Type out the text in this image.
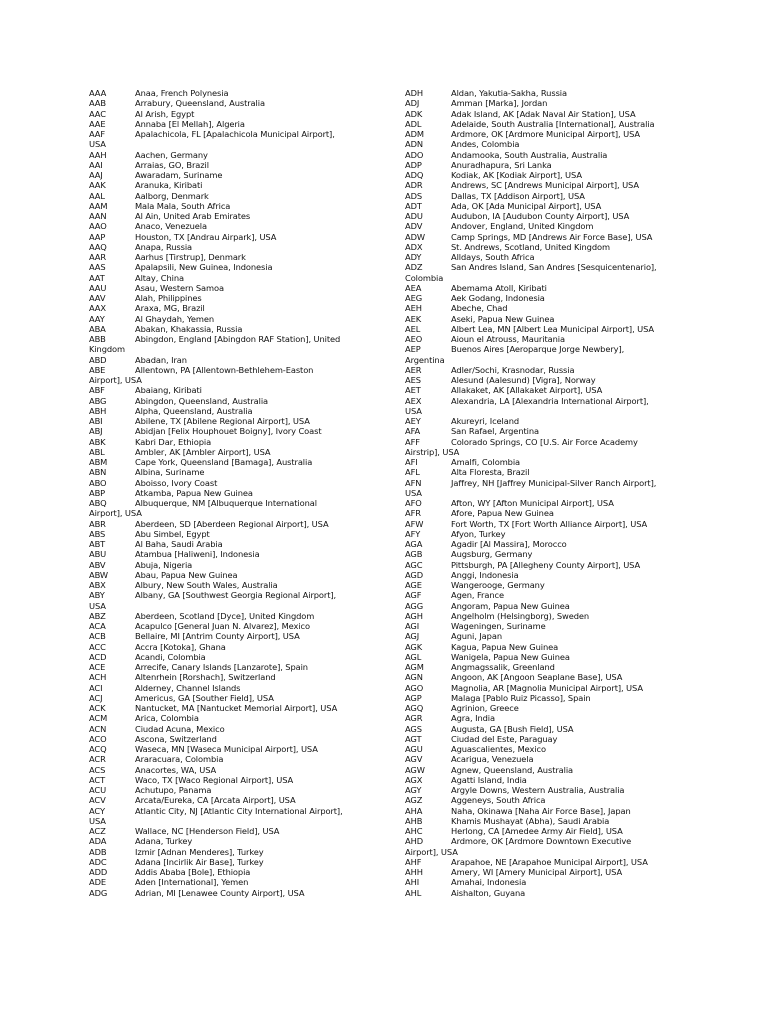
AAA	Anaa, French Polynesia
AAB	Arrabury, Queensland, Australia
AAC	Al Arish, Egypt
AAE	Annaba [El Mellah], Algeria
AAF	Apalachicola, FL [Apalachicola Municipal Airport],
USA
AAH	Aachen, Germany
AAI	Arraias, GO, Brazil
AAJ	Awaradam, Suriname
AAK	Aranuka, Kiribati
AAL	Aalborg, Denmark
AAM	Mala Mala, South Africa
AAN	Al Ain, United Arab Emirates
AAO	Anaco, Venezuela
AAP	Houston, TX [Andrau Airpark], USA
AAQ	Anapa, Russia
AAR	Aarhus [Tirstrup], Denmark
AAS	Apalapsili, New Guinea, Indonesia
AAT	Altay, China
AAU	Asau, Western Samoa
AAV	Alah, Philippines
AAX	Araxa, MG, Brazil
AAY	Al Ghaydah, Yemen
ABA	Abakan, Khakassia, Russia
ABB	Abingdon, England [Abingdon RAF Station], United
Kingdom
ABD	Abadan, Iran
ABE	Allentown, PA [Allentown-Bethlehem-Easton
Airport], USA
ABF	Abaiang, Kiribati
ABG	Abingdon, Queensland, Australia
ABH	Alpha, Queensland, Australia
ABI	Abilene, TX [Abilene Regional Airport], USA
ABJ	Abidjan [Felix Houphouet Boigny], Ivory Coast
ABK	Kabri Dar, Ethiopia
ABL	Ambler, AK [Ambler Airport], USA
ABM	Cape York, Queensland [Bamaga], Australia
ABN	Albina, Suriname
ABO	Aboisso, Ivory Coast
ABP	Atkamba, Papua New Guinea
ABQ	Albuquerque, NM [Albuquerque International
Airport], USA
ABR	Aberdeen, SD [Aberdeen Regional Airport], USA
ABS	Abu Simbel, Egypt
ABT	Al Baha, Saudi Arabia
ABU	Atambua [Haliweni], Indonesia
ABV	Abuja, Nigeria
ABW	Abau, Papua New Guinea
ABX	Albury, New South Wales, Australia
ABY	Albany, GA [Southwest Georgia Regional Airport],
USA
ABZ	Aberdeen, Scotland [Dyce], United Kingdom
ACA	Acapulco [General Juan N. Alvarez], Mexico
ACB	Bellaire, MI [Antrim County Airport], USA
ACC	Accra [Kotoka], Ghana
ACD	Acandi, Colombia
ACE	Arrecife, Canary Islands [Lanzarote], Spain
ACH	Altenrhein [Rorshach], Switzerland
ACI	Alderney, Channel Islands
ACJ	Americus, GA [Souther Field], USA
ACK	Nantucket, MA [Nantucket Memorial Airport], USA
ACM	Arica, Colombia
ACN	Ciudad Acuna, Mexico
ACO	Ascona, Switzerland
ACQ	Waseca, MN [Waseca Municipal Airport], USA
ACR	Araracuara, Colombia
ACS	Anacortes, WA, USA
ACT	Waco, TX [Waco Regional Airport], USA
ACU	Achutupo, Panama
ACV	Arcata/Eureka, CA [Arcata Airport], USA
ACY	Atlantic City, NJ [Atlantic City International Airport],
USA
ACZ	Wallace, NC [Henderson Field], USA
ADA	Adana, Turkey
ADB	Izmir [Adnan Menderes], Turkey
ADC	Adana [Incirlik Air Base], Turkey
ADD	Addis Ababa [Bole], Ethiopia
ADE	Aden [International], Yemen
ADG	Adrian, MI [Lenawee County Airport], USA
ADH	Aldan, Yakutia-Sakha, Russia
ADJ	Amman [Marka], Jordan
ADK	Adak Island, AK [Adak Naval Air Station], USA
ADL	Adelaide, South Australia [International], Australia
ADM	Ardmore, OK [Ardmore Municipal Airport], USA
ADN	Andes, Colombia
ADO	Andamooka, South Australia, Australia
ADP	Anuradhapura, Sri Lanka
ADQ	Kodiak, AK [Kodiak Airport], USA
ADR	Andrews, SC [Andrews Municipal Airport], USA
ADS	Dallas, TX [Addison Airport], USA
ADT	Ada, OK [Ada Municipal Airport], USA
ADU	Audubon, IA [Audubon County Airport], USA
ADV	Andover, England, United Kingdom
ADW	Camp Springs, MD [Andrews Air Force Base], USA
ADX	St. Andrews, Scotland, United Kingdom
ADY	Alldays, South Africa
ADZ	San Andres Island, San Andres [Sesquicentenario],
Colombia
AEA	Abemama Atoll, Kiribati
AEG	Aek Godang, Indonesia
AEH	Abeche, Chad
AEK	Aseki, Papua New Guinea
AEL	Albert Lea, MN [Albert Lea Municipal Airport], USA
AEO	Aioun el Atrouss, Mauritania
AEP	Buenos Aires [Aeroparque Jorge Newbery],
Argentina
AER	Adler/Sochi, Krasnodar, Russia
AES	Alesund (Aalesund) [Vigra], Norway
AET	Allakaket, AK [Allakaket Airport], USA
AEX	Alexandria, LA [Alexandria International Airport],
USA
AEY	Akureyri, Iceland
AFA	San Rafael, Argentina
AFF	Colorado Springs, CO [U.S. Air Force Academy
Airstrip], USA
AFI	Amalfi, Colombia
AFL	Alta Floresta, Brazil
AFN	Jaffrey, NH [Jaffrey Municipal-Silver Ranch Airport],
USA
AFO	Afton, WY [Afton Municipal Airport], USA
AFR	Afore, Papua New Guinea
AFW	Fort Worth, TX [Fort Worth Alliance Airport], USA
AFY	Afyon, Turkey
AGA	Agadir [Al Massira], Morocco
AGB	Augsburg, Germany
AGC	Pittsburgh, PA [Allegheny County Airport], USA
AGD	Anggi, Indonesia
AGE	Wangerooge, Germany
AGF	Agen, France
AGG	Angoram, Papua New Guinea
AGH	Angelholm (Helsingborg), Sweden
AGI	Wageningen, Suriname
AGJ	Aguni, Japan
AGK	Kagua, Papua New Guinea
AGL	Wanigela, Papua New Guinea
AGM	Angmagssalik, Greenland
AGN	Angoon, AK [Angoon Seaplane Base], USA
AGO	Magnolia, AR [Magnolia Municipal Airport], USA
AGP	Malaga [Pablo Ruiz Picasso], Spain
AGQ	Agrinion, Greece
AGR	Agra, India
AGS	Augusta, GA [Bush Field], USA
AGT	Ciudad del Este, Paraguay
AGU	Aguascalientes, Mexico
AGV	Acarigua, Venezuela
AGW	Agnew, Queensland, Australia
AGX	Agatti Island, India
AGY	Argyle Downs, Western Australia, Australia
AGZ	Aggeneys, South Africa
AHA	Naha, Okinawa [Naha Air Force Base], Japan
AHB	Khamis Mushayat (Abha), Saudi Arabia
AHC	Herlong, CA [Amedee Army Air Field], USA
AHD	Ardmore, OK [Ardmore Downtown Executive
Airport], USA
AHF	Arapahoe, NE [Arapahoe Municipal Airport], USA
AHH	Amery, WI [Amery Municipal Airport], USA
AHI	Amahai, Indonesia
AHL	Aishalton, Guyana
